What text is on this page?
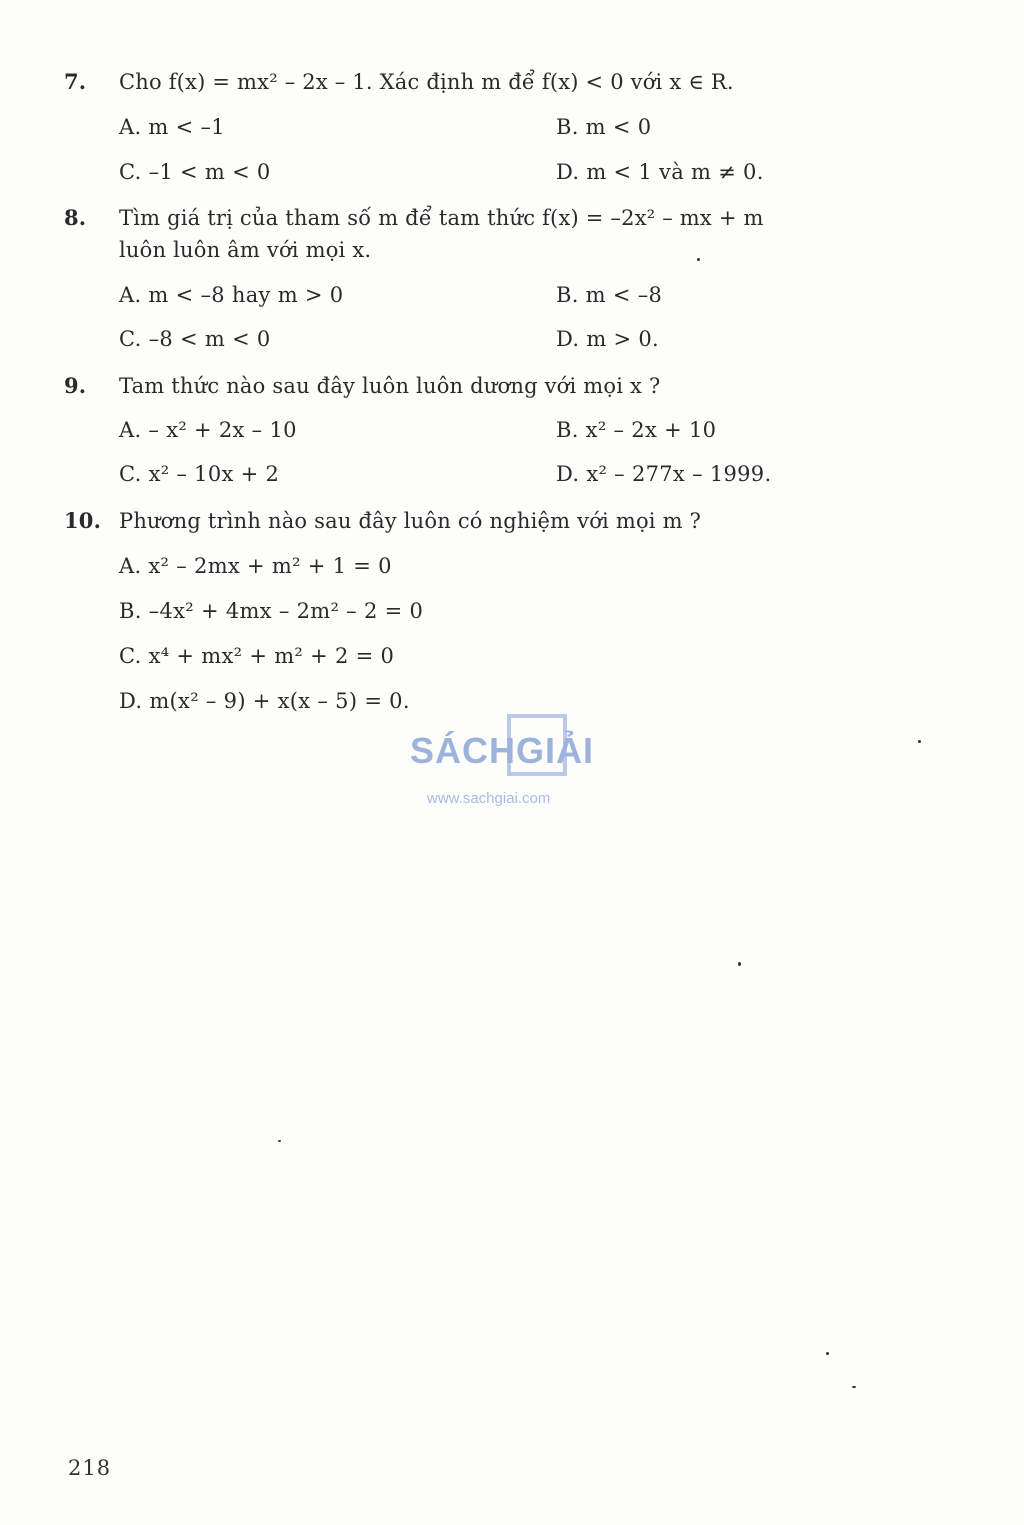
7. Cho f(x) = mx² – 2x – 1. Xác định m để f(x) < 0 với x ∈ R.
A. m < –1	B. m < 0
C. –1 < m < 0	D. m < 1 và m ≠ 0.
8. Tìm giá trị của tham số m để tam thức f(x) = –2x² – mx + m
luôn luôn âm với mọi x.
A. m < –8 hay m > 0	B. m < –8
C. –8 < m < 0	D. m > 0.
9. Tam thức nào sau đây luôn luôn dương với mọi x ?
A. – x² + 2x – 10	B. x² – 2x + 10
C. x² – 10x + 2	D. x² – 277x – 1999.
10. Phương trình nào sau đây luôn có nghiệm với mọi m ?
A. x² – 2mx + m² + 1 = 0
B. –4x² + 4mx – 2m² – 2 = 0
C. x⁴ + mx² + m² + 2 = 0
D. m(x² – 9) + x(x – 5) = 0.
SÁCHGIẢI
www.sachgiai.com
218
